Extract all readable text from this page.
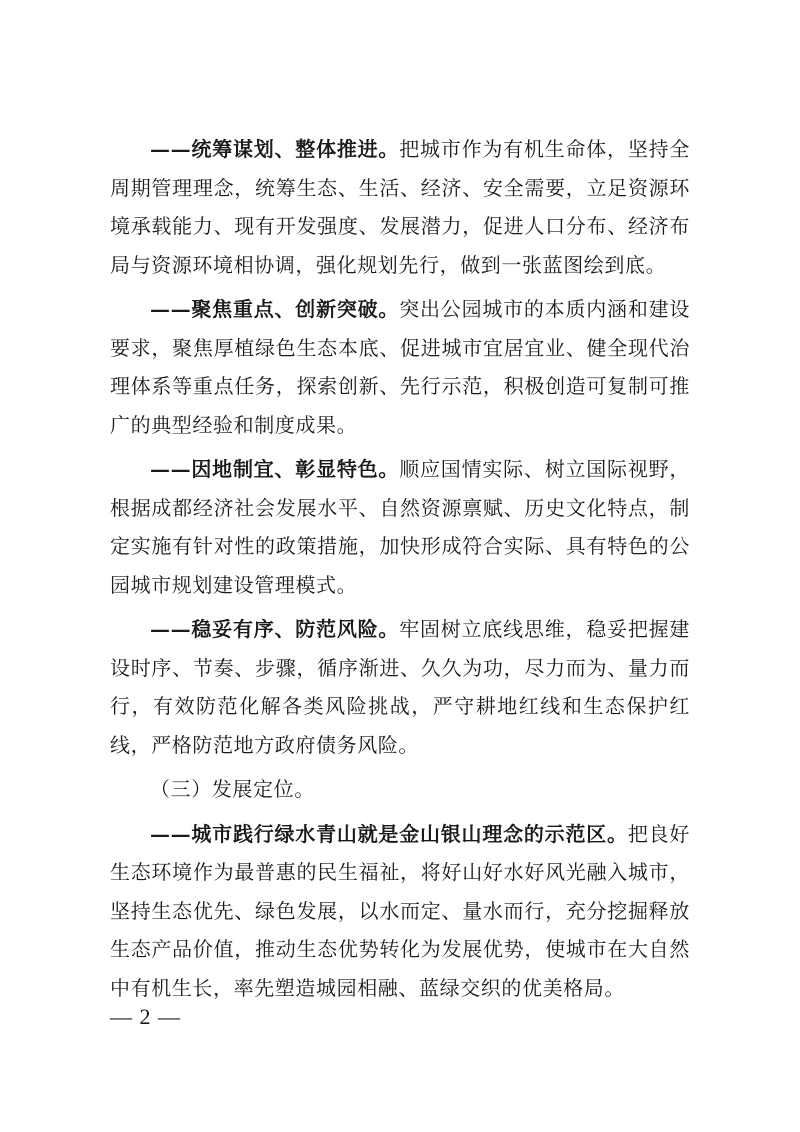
——统筹谋划、整体推进。把城市作为有机生命体，坚持全周期管理理念，统筹生态、生活、经济、安全需要，立足资源环境承载能力、现有开发强度、发展潜力，促进人口分布、经济布局与资源环境相协调，强化规划先行，做到一张蓝图绘到底。

——聚焦重点、创新突破。突出公园城市的本质内涵和建设要求，聚焦厚植绿色生态本底、促进城市宜居宜业、健全现代治理体系等重点任务，探索创新、先行示范，积极创造可复制可推广的典型经验和制度成果。

——因地制宜、彰显特色。顺应国情实际、树立国际视野，根据成都经济社会发展水平、自然资源禀赋、历史文化特点，制定实施有针对性的政策措施，加快形成符合实际、具有特色的公园城市规划建设管理模式。

——稳妥有序、防范风险。牢固树立底线思维，稳妥把握建设时序、节奏、步骤，循序渐进、久久为功，尽力而为、量力而行，有效防范化解各类风险挑战，严守耕地红线和生态保护红线，严格防范地方政府债务风险。

（三）发展定位。

——城市践行绿水青山就是金山银山理念的示范区。把良好生态环境作为最普惠的民生福祉，将好山好水好风光融入城市，坚持生态优先、绿色发展，以水而定、量水而行，充分挖掘释放生态产品价值，推动生态优势转化为发展优势，使城市在大自然中有机生长，率先塑造城园相融、蓝绿交织的优美格局。

— 2 —
